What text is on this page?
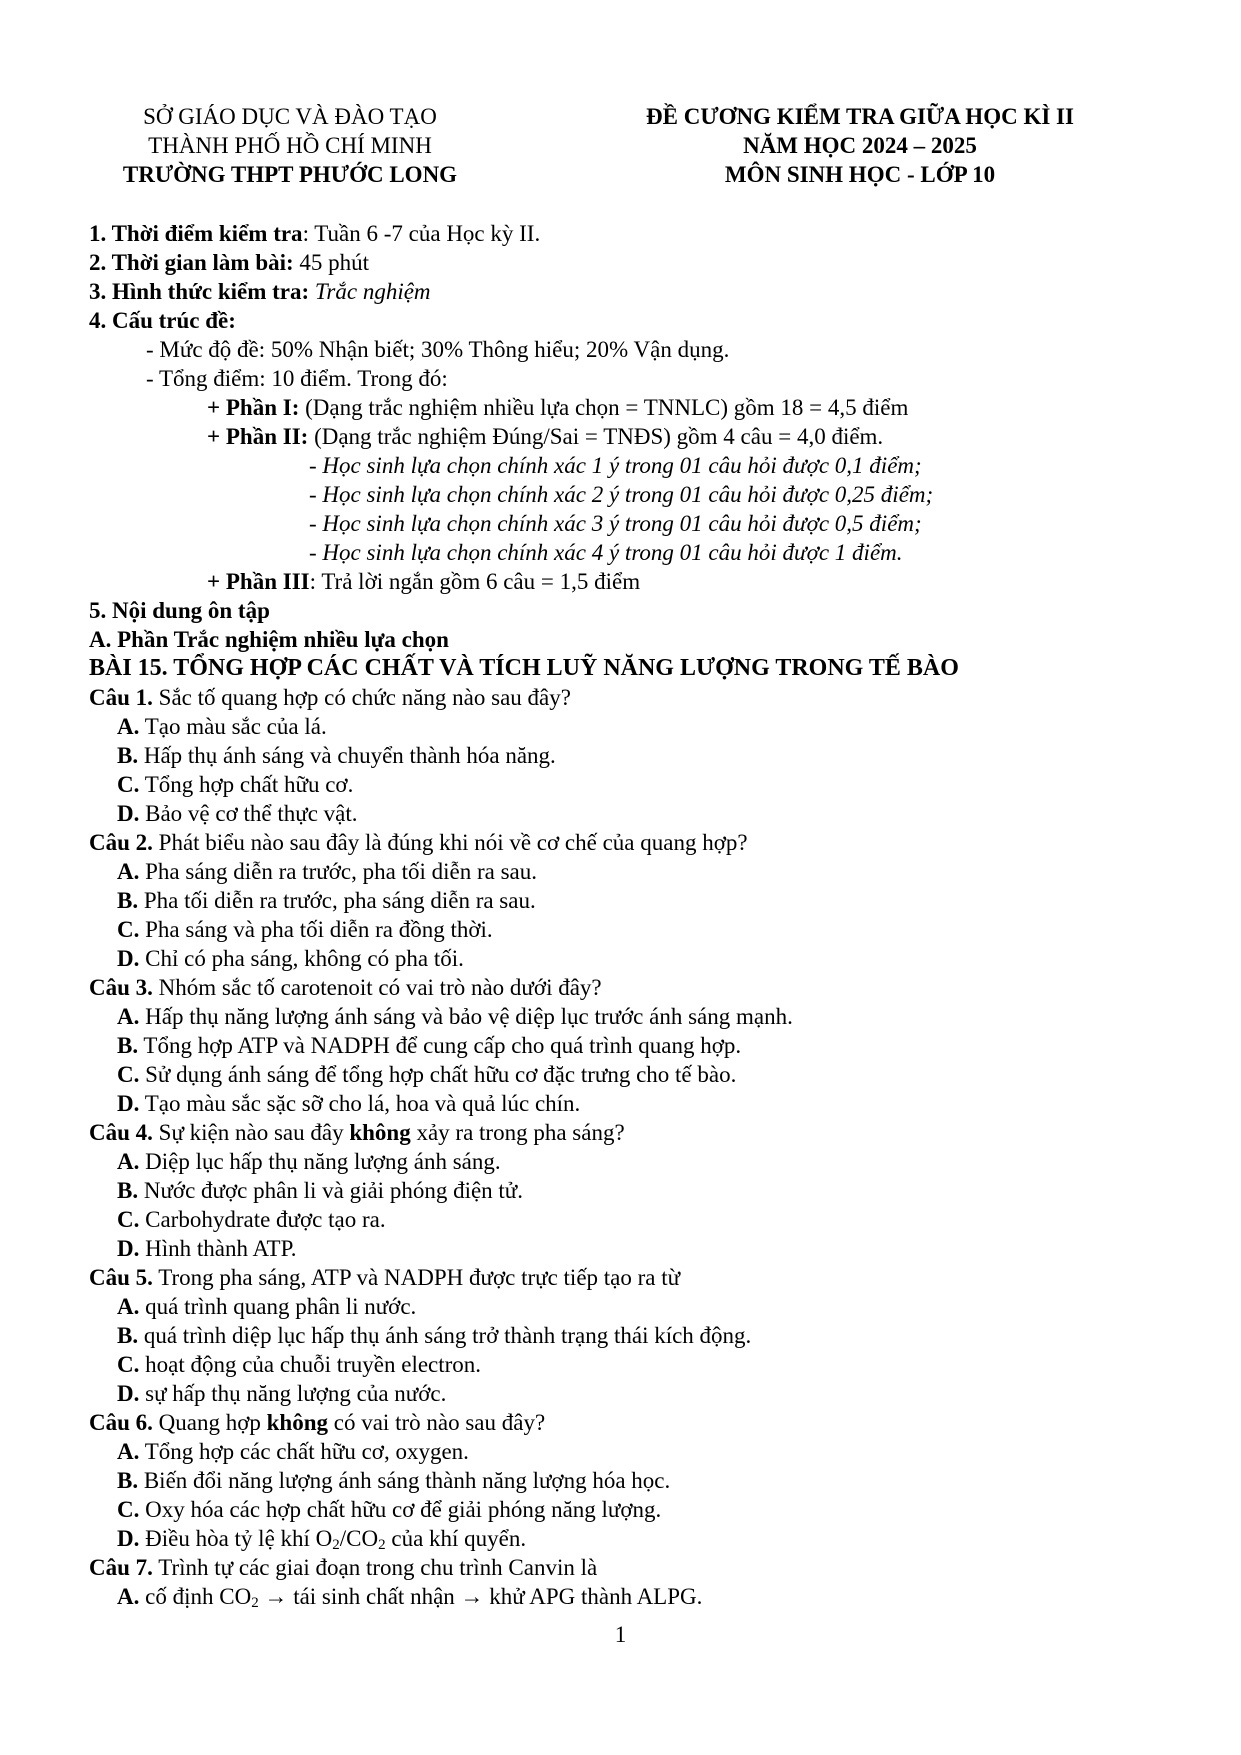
SỞ GIÁO DỤC VÀ ĐÀO TẠO
THÀNH PHỐ HỒ CHÍ MINH
TRƯỜNG THPT PHƯỚC LONG
ĐỀ CƯƠNG KIỂM TRA GIỮA HỌC KÌ II
NĂM HỌC 2024 – 2025
MÔN SINH HỌC - LỚP 10
1. Thời điểm kiểm tra: Tuần 6 -7 của Học kỳ II.
2. Thời gian làm bài: 45 phút
3. Hình thức kiểm tra: Trắc nghiệm
4. Cấu trúc đề:
- Mức độ đề: 50% Nhận biết; 30% Thông hiểu; 20% Vận dụng.
- Tổng điểm: 10 điểm. Trong đó:
+ Phần I: (Dạng trắc nghiệm nhiều lựa chọn = TNNLC) gồm 18 = 4,5 điểm
+ Phần II: (Dạng trắc nghiệm Đúng/Sai = TNĐS) gồm 4 câu = 4,0 điểm.
- Học sinh lựa chọn chính xác 1 ý trong 01 câu hỏi được 0,1 điểm;
- Học sinh lựa chọn chính xác 2 ý trong 01 câu hỏi được 0,25 điểm;
- Học sinh lựa chọn chính xác 3 ý trong 01 câu hỏi được 0,5 điểm;
- Học sinh lựa chọn chính xác 4 ý trong 01 câu hỏi được 1 điểm.
+ Phần III: Trả lời ngắn gồm 6 câu = 1,5 điểm
5. Nội dung ôn tập
A. Phần Trắc nghiệm nhiều lựa chọn
BÀI 15. TỔNG HỢP CÁC CHẤT VÀ TÍCH LUỸ NĂNG LƯỢNG TRONG TẾ BÀO
Câu 1. Sắc tố quang hợp có chức năng nào sau đây?
A. Tạo màu sắc của lá.
B. Hấp thụ ánh sáng và chuyển thành hóa năng.
C. Tổng hợp chất hữu cơ.
D. Bảo vệ cơ thể thực vật.
Câu 2. Phát biểu nào sau đây là đúng khi nói về cơ chế của quang hợp?
A. Pha sáng diễn ra trước, pha tối diễn ra sau.
B. Pha tối diễn ra trước, pha sáng diễn ra sau.
C. Pha sáng và pha tối diễn ra đồng thời.
D. Chỉ có pha sáng, không có pha tối.
Câu 3. Nhóm sắc tố carotenoit có vai trò nào dưới đây?
A. Hấp thụ năng lượng ánh sáng và bảo vệ diệp lục trước ánh sáng mạnh.
B. Tổng hợp ATP và NADPH để cung cấp cho quá trình quang hợp.
C. Sử dụng ánh sáng để tổng hợp chất hữu cơ đặc trưng cho tế bào.
D. Tạo màu sắc sặc sỡ cho lá, hoa và quả lúc chín.
Câu 4. Sự kiện nào sau đây không xảy ra trong pha sáng?
A. Diệp lục hấp thụ năng lượng ánh sáng.
B. Nước được phân li và giải phóng điện tử.
C. Carbohydrate được tạo ra.
D. Hình thành ATP.
Câu 5. Trong pha sáng, ATP và NADPH được trực tiếp tạo ra từ
A. quá trình quang phân li nước.
B. quá trình diệp lục hấp thụ ánh sáng trở thành trạng thái kích động.
C. hoạt động của chuỗi truyền electron.
D. sự hấp thụ năng lượng của nước.
Câu 6. Quang hợp không có vai trò nào sau đây?
A. Tổng hợp các chất hữu cơ, oxygen.
B. Biến đổi năng lượng ánh sáng thành năng lượng hóa học.
C. Oxy hóa các hợp chất hữu cơ để giải phóng năng lượng.
D. Điều hòa tỷ lệ khí $O_2/CO_2$ của khí quyển.
Câu 7. Trình tự các giai đoạn trong chu trình Canvin là
A. cố định $CO_2$ → tái sinh chất nhận → khử APG thành ALPG.
1
